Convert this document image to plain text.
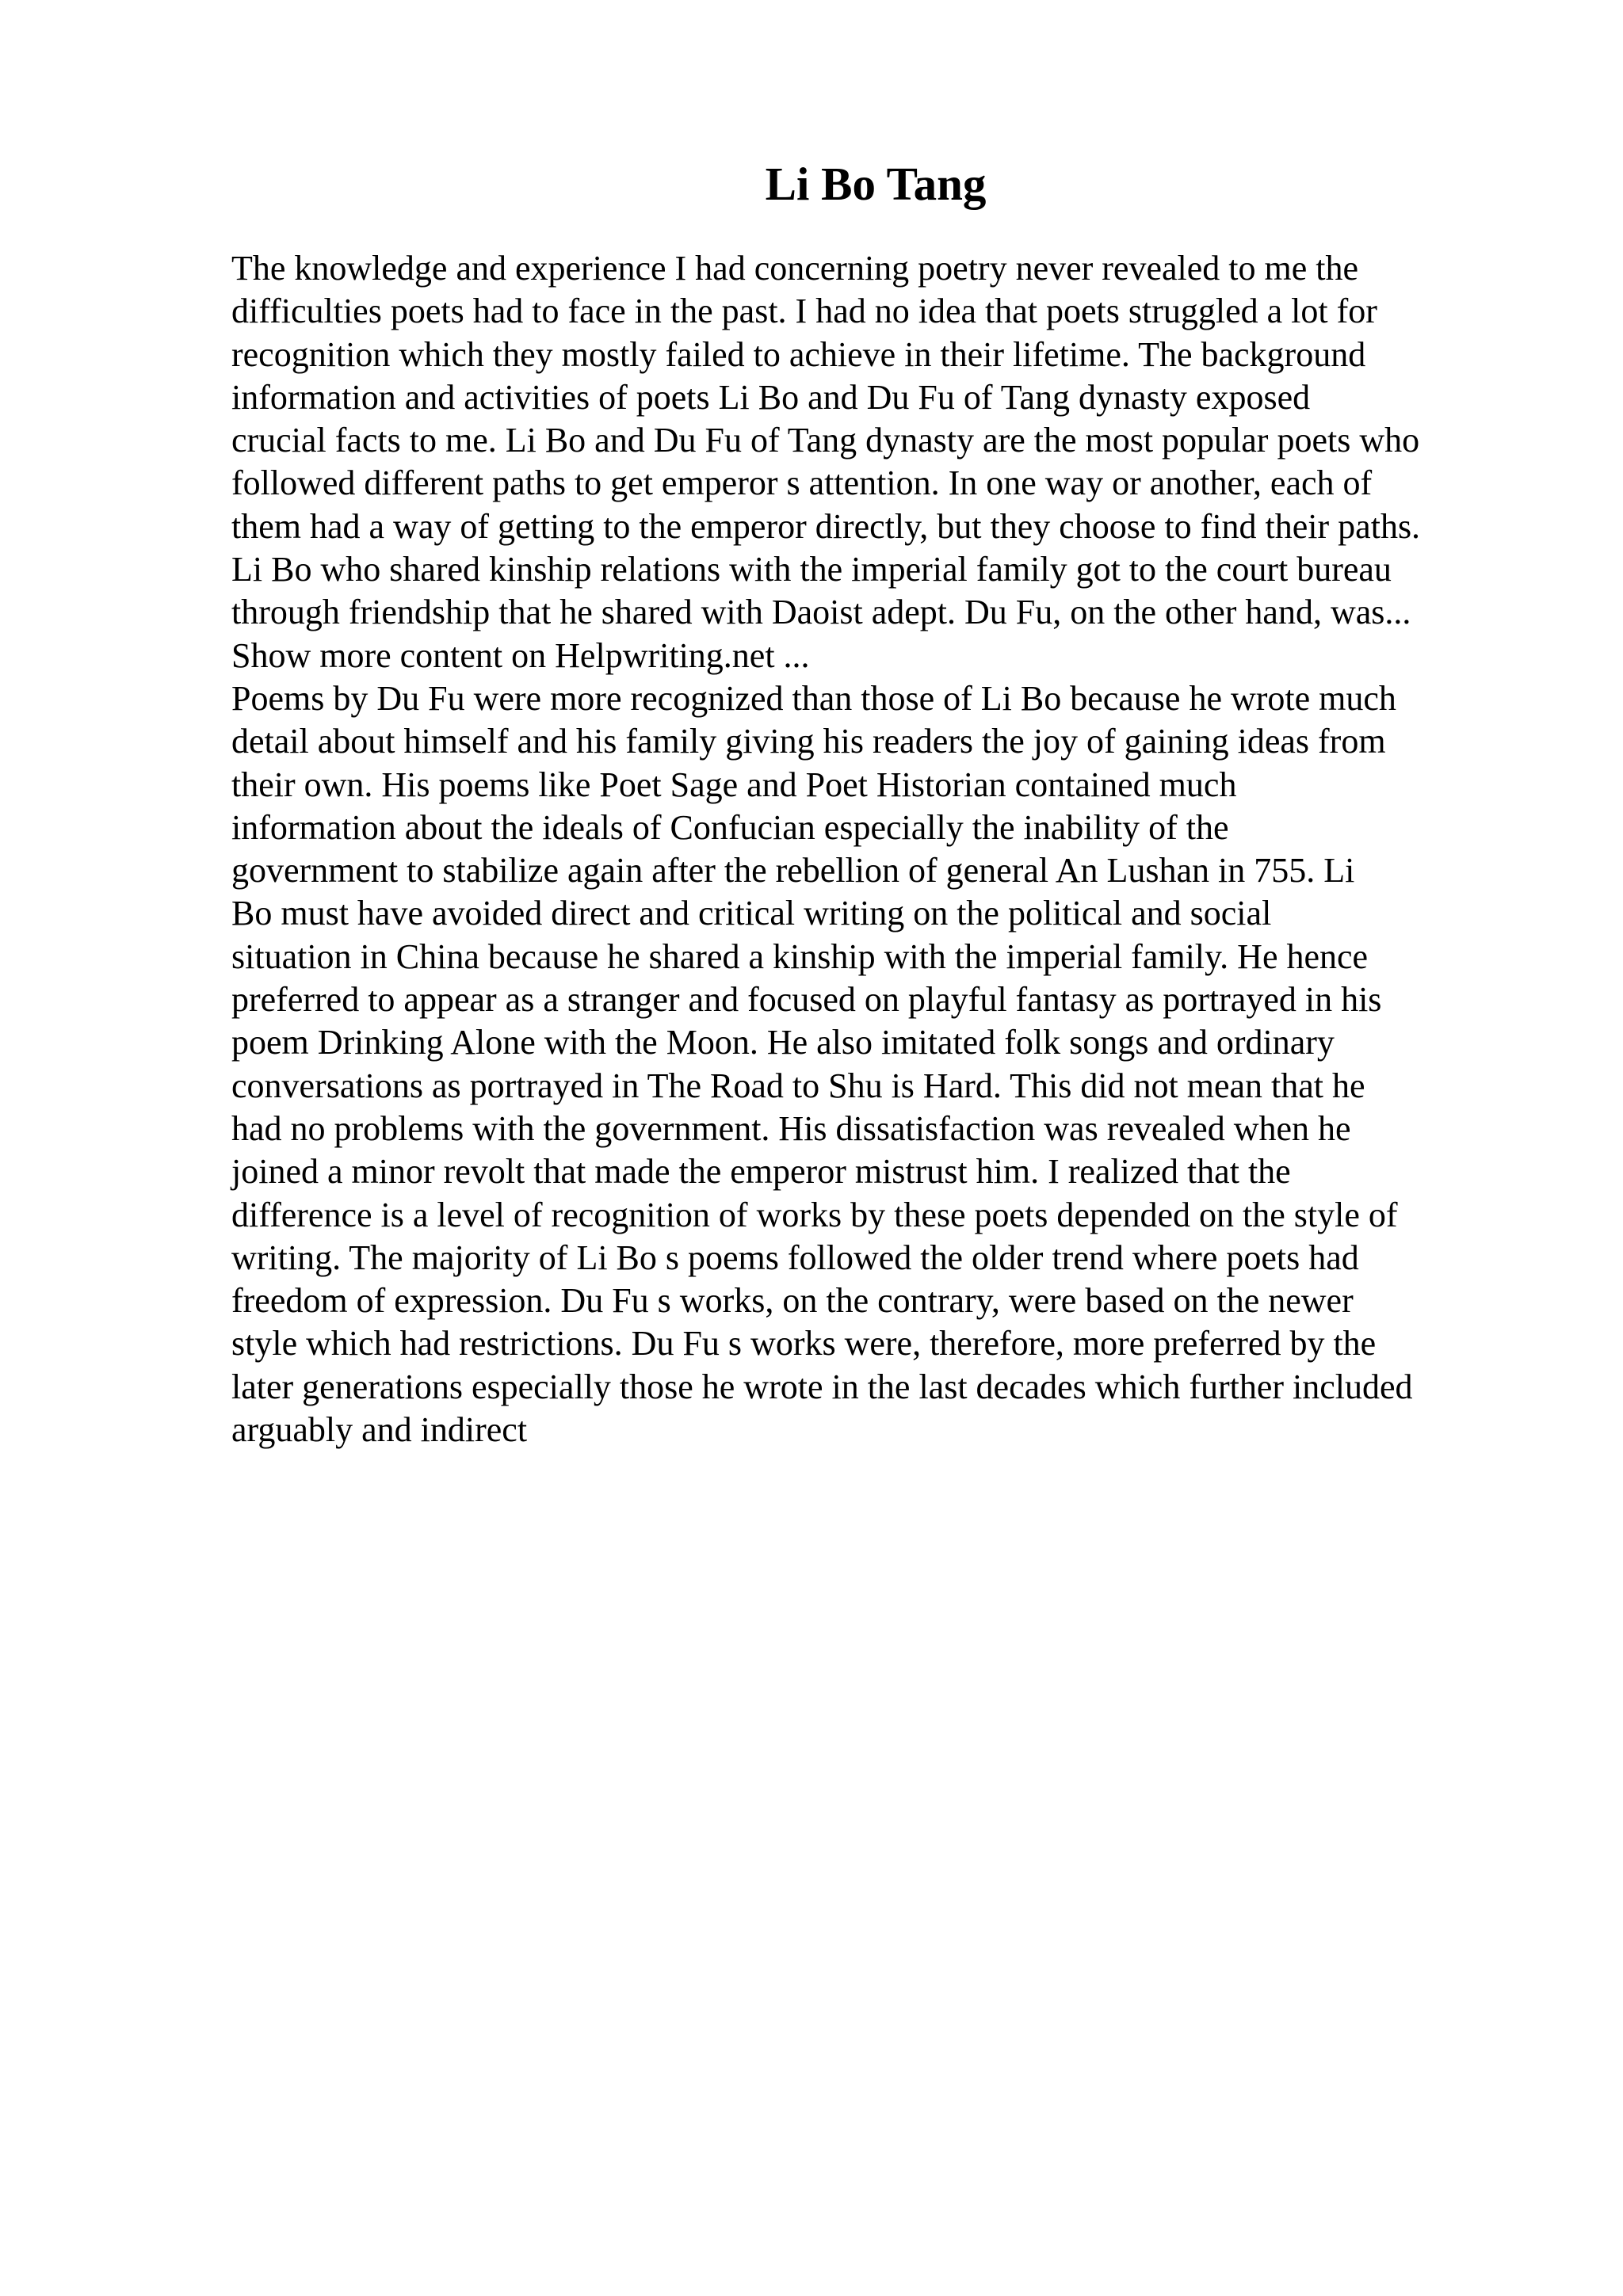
Li Bo Tang
The knowledge and experience I had concerning poetry never revealed to me the
difficulties poets had to face in the past. I had no idea that poets struggled a lot for
recognition which they mostly failed to achieve in their lifetime. The background
information and activities of poets Li Bo and Du Fu of Tang dynasty exposed
crucial facts to me. Li Bo and Du Fu of Tang dynasty are the most popular poets who
followed different paths to get emperor s attention. In one way or another, each of
them had a way of getting to the emperor directly, but they choose to find their paths.
Li Bo who shared kinship relations with the imperial family got to the court bureau
through friendship that he shared with Daoist adept. Du Fu, on the other hand, was...
Show more content on Helpwriting.net ...
Poems by Du Fu were more recognized than those of Li Bo because he wrote much
detail about himself and his family giving his readers the joy of gaining ideas from
their own. His poems like Poet Sage and Poet Historian contained much
information about the ideals of Confucian especially the inability of the
government to stabilize again after the rebellion of general An Lushan in 755. Li
Bo must have avoided direct and critical writing on the political and social
situation in China because he shared a kinship with the imperial family. He hence
preferred to appear as a stranger and focused on playful fantasy as portrayed in his
poem Drinking Alone with the Moon. He also imitated folk songs and ordinary
conversations as portrayed in The Road to Shu is Hard. This did not mean that he
had no problems with the government. His dissatisfaction was revealed when he
joined a minor revolt that made the emperor mistrust him. I realized that the
difference is a level of recognition of works by these poets depended on the style of
writing. The majority of Li Bo s poems followed the older trend where poets had
freedom of expression. Du Fu s works, on the contrary, were based on the newer
style which had restrictions. Du Fu s works were, therefore, more preferred by the
later generations especially those he wrote in the last decades which further included
arguably and indirect
